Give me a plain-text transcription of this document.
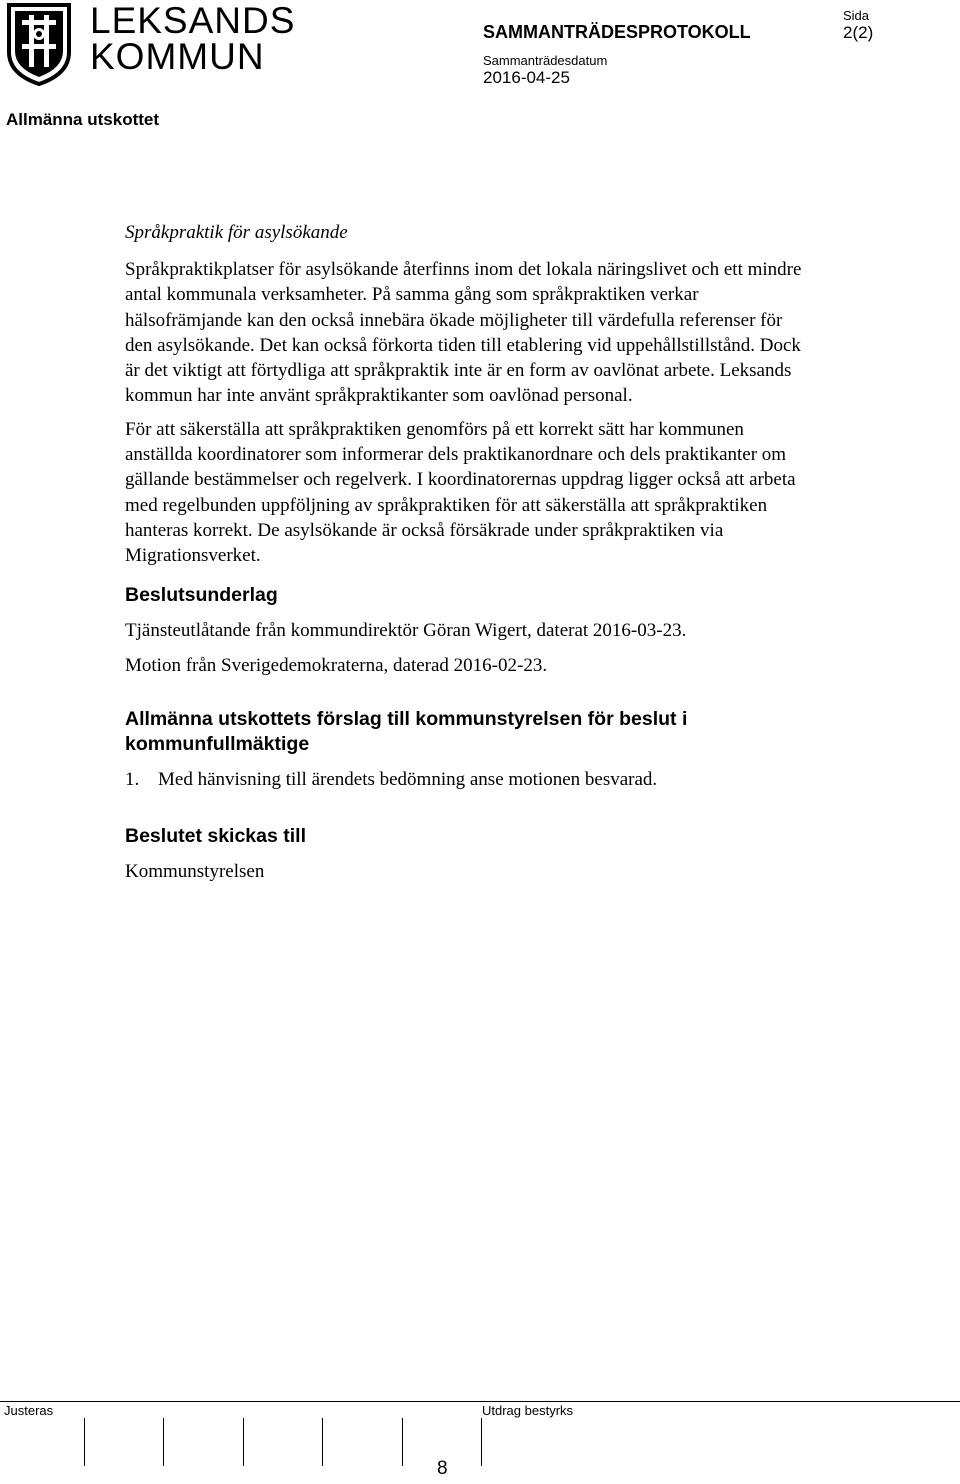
LEKSANDS
KOMMUN
SAMMANTRÄDESPROTOKOLL
Sammanträdesdatum
2016-04-25
Sida
2(2)
Allmänna utskottet

Språkpraktik för asylsökande

Språkpraktikplatser för asylsökande återfinns inom det lokala näringslivet och ett mindre antal kommunala verksamheter. På samma gång som språkpraktiken verkar hälsofrämjande kan den också innebära ökade möjligheter till värdefulla referenser för den asylsökande. Det kan också förkorta tiden till etablering vid uppehållstillstånd. Dock är det viktigt att förtydliga att språkpraktik inte är en form av oavlönat arbete. Leksands kommun har inte använt språkpraktikanter som oavlönad personal.

För att säkerställa att språkpraktiken genomförs på ett korrekt sätt har kommunen anställda koordinatorer som informerar dels praktikanordnare och dels praktikanter om gällande bestämmelser och regelverk. I koordinatorernas uppdrag ligger också att arbeta med regelbunden uppföljning av språkpraktiken för att säkerställa att språkpraktiken hanteras korrekt. De asylsökande är också försäkrade under språkpraktiken via Migrationsverket.

Beslutsunderlag

Tjänsteutlåtande från kommundirektör Göran Wigert, daterat 2016-03-23.

Motion från Sverigedemokraterna, daterad 2016-02-23.

Allmänna utskottets förslag till kommunstyrelsen för beslut i kommunfullmäktige

1. Med hänvisning till ärendets bedömning anse motionen besvarad.

Beslutet skickas till

Kommunstyrelsen

Justeras	Utdrag bestyrks
8
